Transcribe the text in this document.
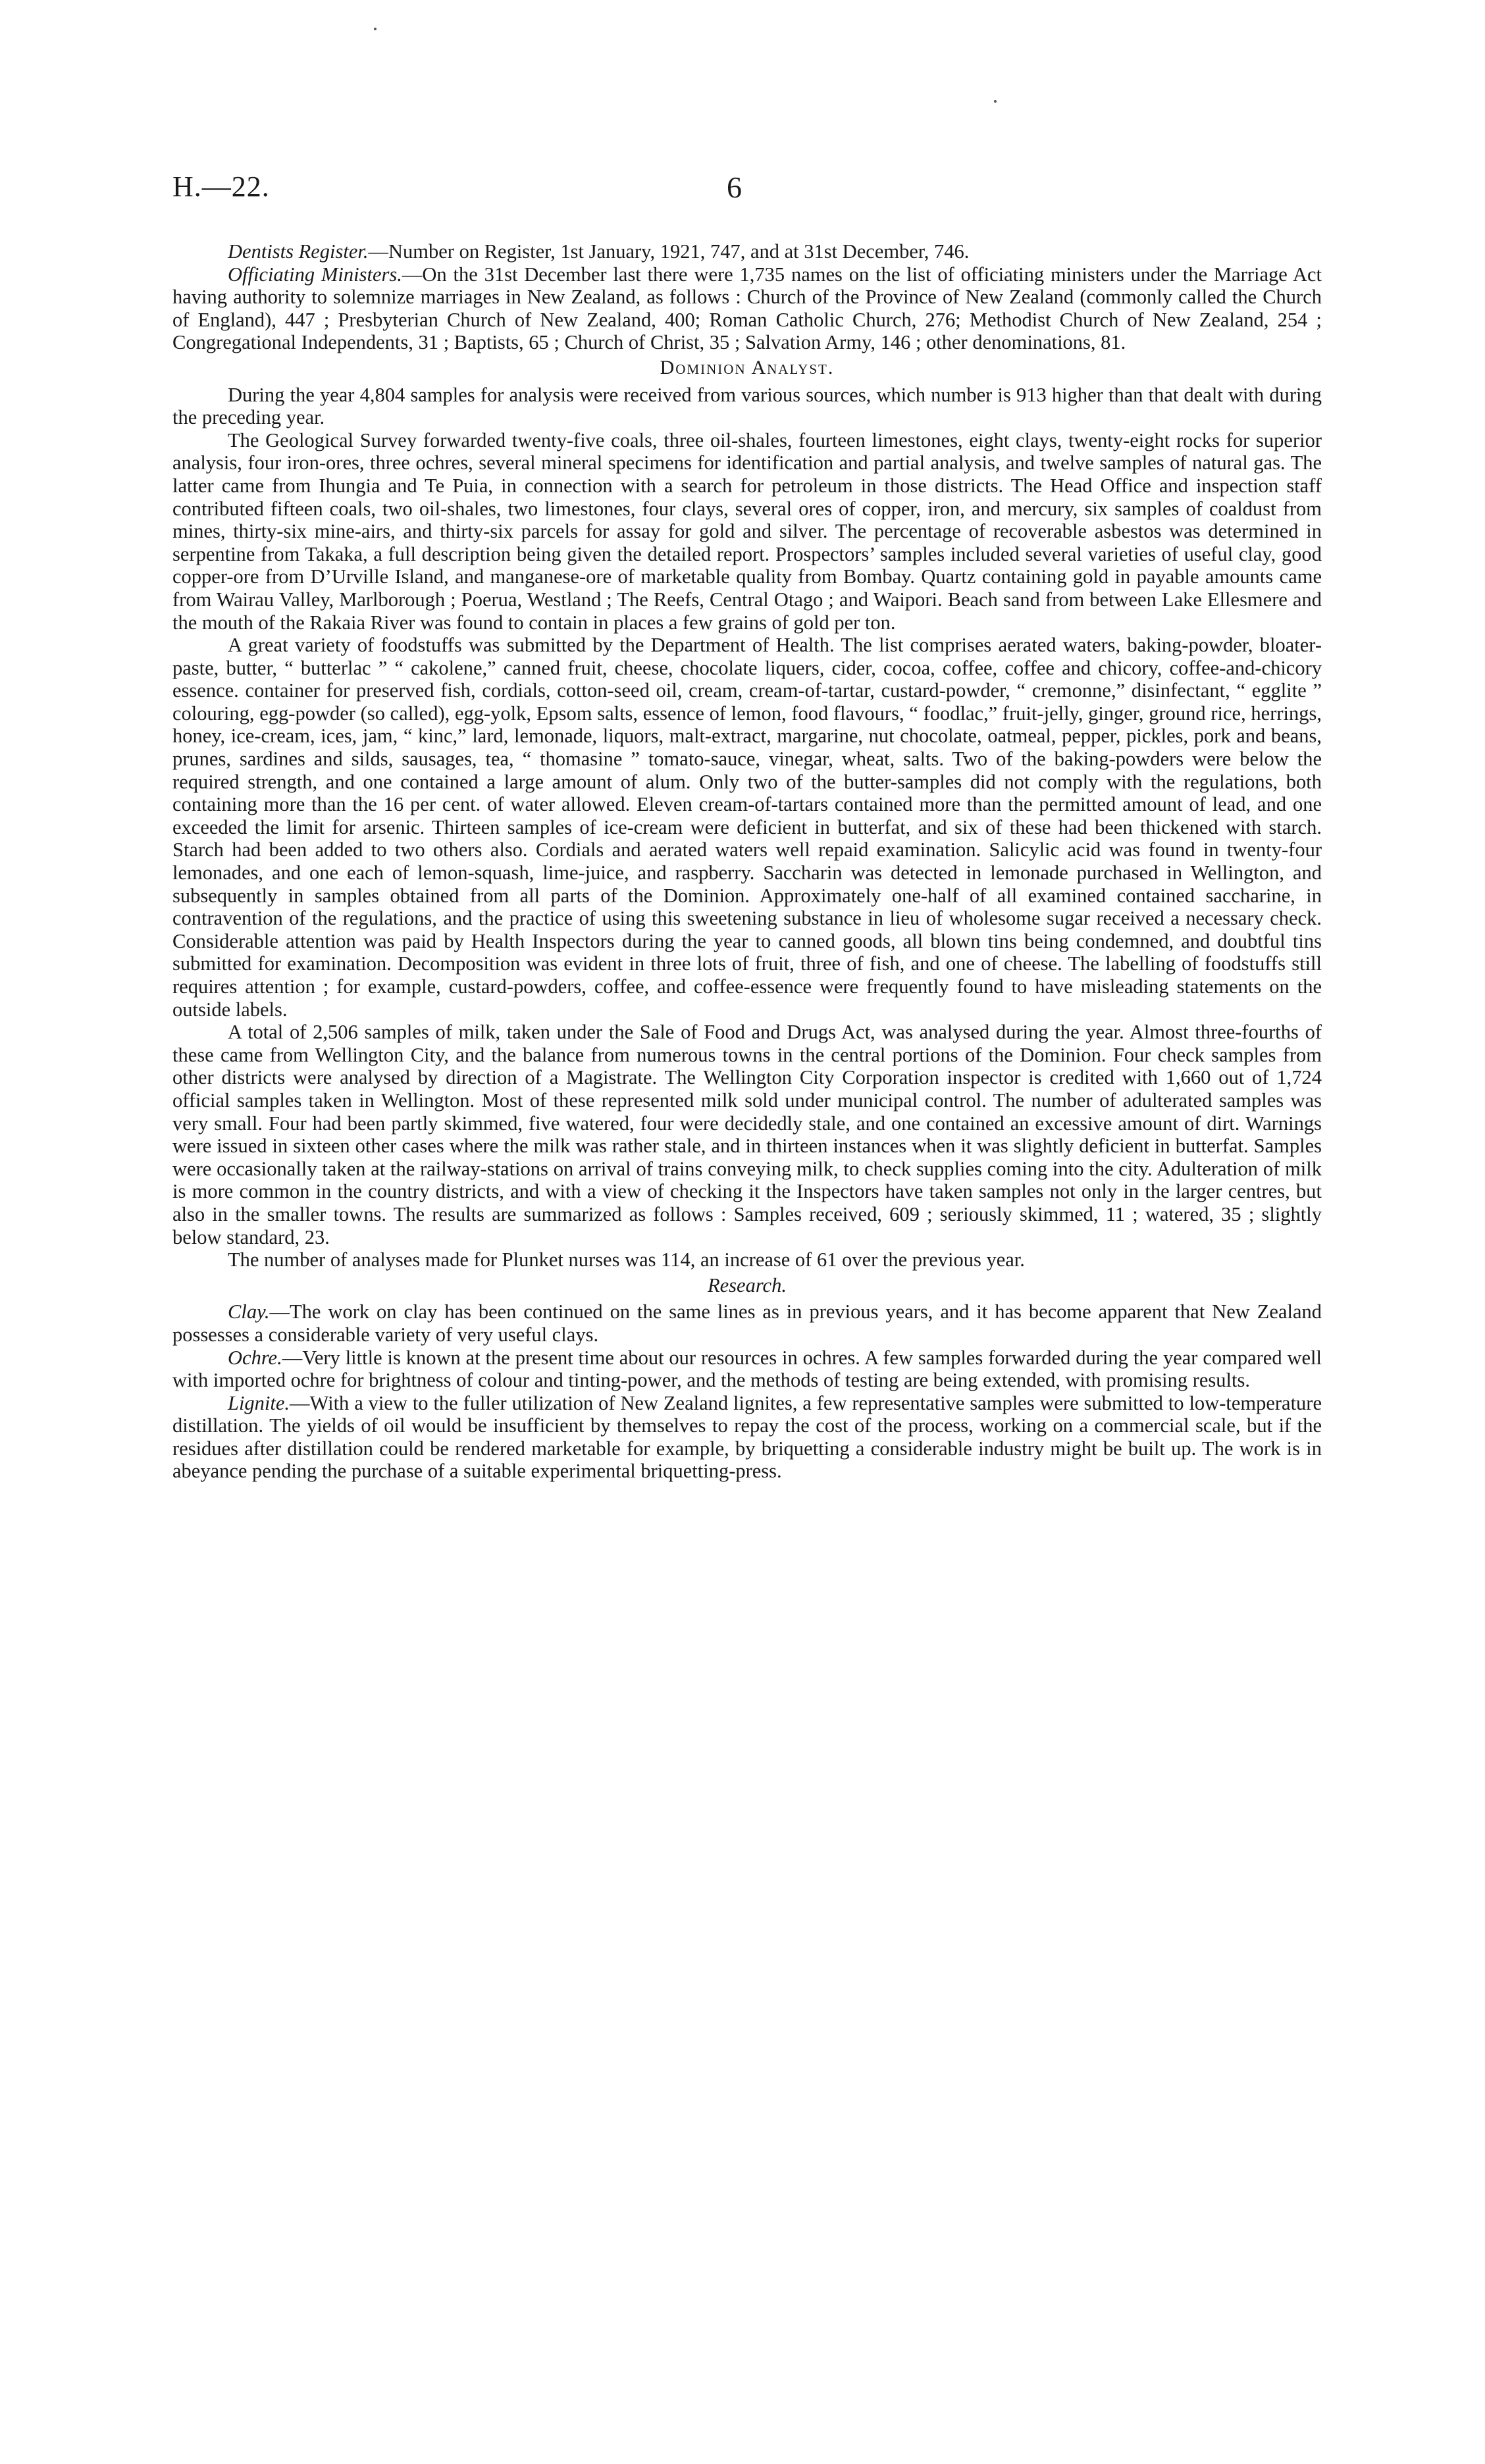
H.—22.	6

Dentists Register.—Number on Register, 1st January, 1921, 747, and at 31st December, 746.

Officiating Ministers.—On the 31st December last there were 1,735 names on the list of officiating ministers under the Marriage Act having authority to solemnize marriages in New Zealand, as follows : Church of the Province of New Zealand (commonly called the Church of England), 447 ; Presbyterian Church of New Zealand, 400; Roman Catholic Church, 276; Methodist Church of New Zealand, 254 ; Congregational Independents, 31 ; Baptists, 65 ; Church of Christ, 35 ; Salvation Army, 146 ; other denominations, 81.

Dominion Analyst.

During the year 4,804 samples for analysis were received from various sources, which number is 913 higher than that dealt with during the preceding year.

The Geological Survey forwarded twenty-five coals, three oil-shales, fourteen limestones, eight clays, twenty-eight rocks for superior analysis, four iron-ores, three ochres, several mineral specimens for identification and partial analysis, and twelve samples of natural gas. The latter came from Ihungia and Te Puia, in connection with a search for petroleum in those districts. The Head Office and inspection staff contributed fifteen coals, two oil-shales, two limestones, four clays, several ores of copper, iron, and mercury, six samples of coaldust from mines, thirty-six mine-airs, and thirty-six parcels for assay for gold and silver. The percentage of recoverable asbestos was determined in serpentine from Takaka, a full description being given the detailed report. Prospectors’ samples included several varieties of useful clay, good copper-ore from D’Urville Island, and manganese-ore of marketable quality from Bombay. Quartz containing gold in payable amounts came from Wairau Valley, Marlborough ; Poerua, Westland ; The Reefs, Central Otago ; and Waipori. Beach sand from between Lake Ellesmere and the mouth of the Rakaia River was found to contain in places a few grains of gold per ton.

A great variety of foodstuffs was submitted by the Department of Health. The list comprises aerated waters, baking-powder, bloater-paste, butter, “ butterlac ” “ cakolene,” canned fruit, cheese, chocolate liquers, cider, cocoa, coffee, coffee and chicory, coffee-and-chicory essence. container for preserved fish, cordials, cotton-seed oil, cream, cream-of-tartar, custard-powder, “ cremonne,” disinfectant, “ egglite ” colouring, egg-powder (so called), egg-yolk, Epsom salts, essence of lemon, food flavours, “ foodlac,” fruit-jelly, ginger, ground rice, herrings, honey, ice-cream, ices, jam, “ kinc,” lard, lemonade, liquors, malt-extract, margarine, nut chocolate, oatmeal, pepper, pickles, pork and beans, prunes, sardines and silds, sausages, tea, “ thomasine ” tomato-sauce, vinegar, wheat, salts. Two of the baking-powders were below the required strength, and one contained a large amount of alum. Only two of the butter-samples did not comply with the regulations, both containing more than the 16 per cent. of water allowed. Eleven cream-of-tartars contained more than the permitted amount of lead, and one exceeded the limit for arsenic. Thirteen samples of ice-cream were deficient in butterfat, and six of these had been thickened with starch. Starch had been added to two others also. Cordials and aerated waters well repaid examination. Salicylic acid was found in twenty-four lemonades, and one each of lemon-squash, lime-juice, and raspberry. Saccharin was detected in lemonade purchased in Wellington, and subsequently in samples obtained from all parts of the Dominion. Approximately one-half of all examined contained saccharine, in contravention of the regulations, and the practice of using this sweetening substance in lieu of wholesome sugar received a necessary check. Considerable attention was paid by Health Inspectors during the year to canned goods, all blown tins being condemned, and doubtful tins submitted for examination. Decomposition was evident in three lots of fruit, three of fish, and one of cheese. The labelling of foodstuffs still requires attention ; for example, custard-powders, coffee, and coffee-essence were frequently found to have misleading statements on the outside labels.

A total of 2,506 samples of milk, taken under the Sale of Food and Drugs Act, was analysed during the year. Almost three-fourths of these came from Wellington City, and the balance from numerous towns in the central portions of the Dominion. Four check samples from other districts were analysed by direction of a Magistrate. The Wellington City Corporation inspector is credited with 1,660 out of 1,724 official samples taken in Wellington. Most of these represented milk sold under municipal control. The number of adulterated samples was very small. Four had been partly skimmed, five watered, four were decidedly stale, and one contained an excessive amount of dirt. Warnings were issued in sixteen other cases where the milk was rather stale, and in thirteen instances when it was slightly deficient in butterfat. Samples were occasionally taken at the railway-stations on arrival of trains conveying milk, to check supplies coming into the city. Adulteration of milk is more common in the country districts, and with a view of checking it the Inspectors have taken samples not only in the larger centres, but also in the smaller towns. The results are summarized as follows : Samples received, 609 ; seriously skimmed, 11 ; watered, 35 ; slightly below standard, 23.

The number of analyses made for Plunket nurses was 114, an increase of 61 over the previous year.

Research.

Clay.—The work on clay has been continued on the same lines as in previous years, and it has become apparent that New Zealand possesses a considerable variety of very useful clays.

Ochre.—Very little is known at the present time about our resources in ochres. A few samples forwarded during the year compared well with imported ochre for brightness of colour and tinting-power, and the methods of testing are being extended, with promising results.

Lignite.—With a view to the fuller utilization of New Zealand lignites, a few representative samples were submitted to low-temperature distillation. The yields of oil would be insufficient by themselves to repay the cost of the process, working on a commercial scale, but if the residues after distillation could be rendered marketable for example, by briquetting a considerable industry might be built up. The work is in abeyance pending the purchase of a suitable experimental briquetting-press.
